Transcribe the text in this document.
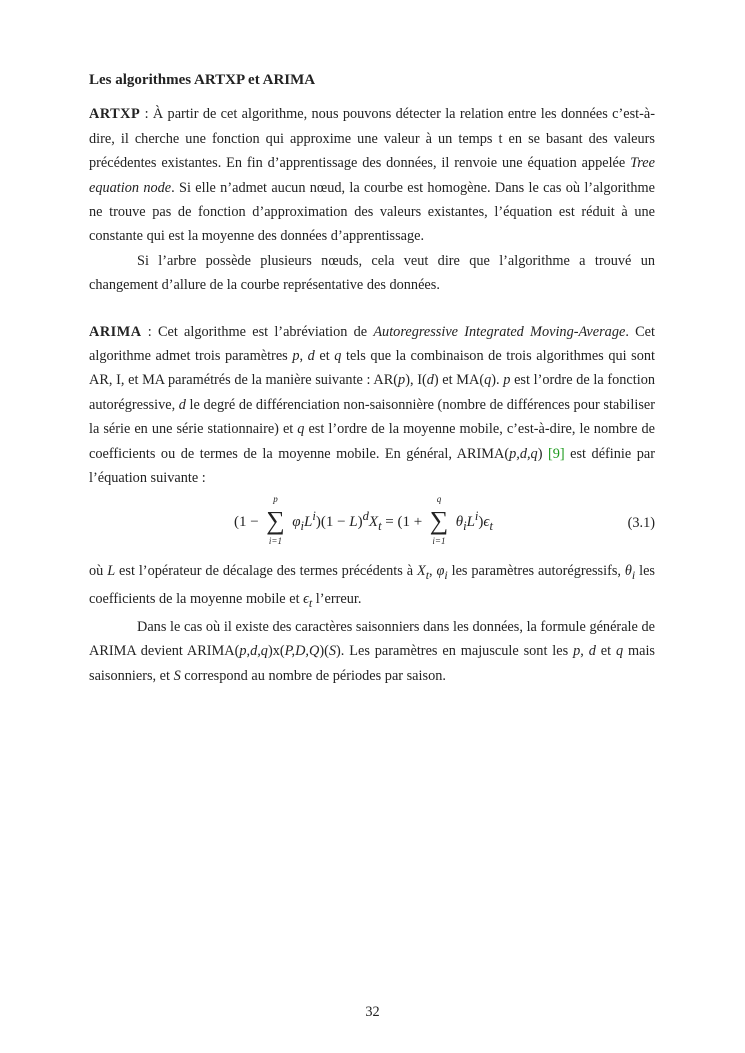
Les algorithmes ARTXP et ARIMA

ARTXP : À partir de cet algorithme, nous pouvons détecter la relation entre les données c’est-à-dire, il cherche une fonction qui approxime une valeur à un temps t en se basant des valeurs précédentes existantes. En fin d’apprentissage des données, il renvoie une équation appelée Tree equation node. Si elle n’admet aucun nœud, la courbe est homogène. Dans le cas où l’algorithme ne trouve pas de fonction d’approximation des valeurs existantes, l’équation est réduit à une constante qui est la moyenne des données d’apprentissage.

Si l’arbre possède plusieurs nœuds, cela veut dire que l’algorithme a trouvé un changement d’allure de la courbe représentative des données.

ARIMA : Cet algorithme est l’abréviation de Autoregressive Integrated Moving-Average. Cet algorithme admet trois paramètres p, d et q tels que la combinaison de trois algorithmes qui sont AR, I, et MA paramétrés de la manière suivante : AR(p), I(d) et MA(q). p est l’ordre de la fonction autorégressive, d le degré de différenciation non-saisonnière (nombre de différences pour stabiliser la série en une série stationnaire) et q est l’ordre de la moyenne mobile, c’est-à-dire, le nombre de coefficients ou de termes de la moyenne mobile. En général, ARIMA(p,d,q) [9] est définie par l’équation suivante :

(1 −
p
∑
i=1
$\varphi_iL^i)(1 - L)^dX_t = (1$ +
q
∑
i=1
$\theta_iL^i)\epsilon_t$	(3.1)

où L est l’opérateur de décalage des termes précédents à $X_t$, $\varphi_i$ les paramètres autorégressifs, $\theta_i$ les coefficients de la moyenne mobile et $\epsilon_t$ l’erreur.

Dans le cas où il existe des caractères saisonniers dans les données, la formule générale de ARIMA devient ARIMA(p,d,q)x(P,D,Q)(S). Les paramètres en majuscule sont les p, d et q mais saisonniers, et S correspond au nombre de périodes par saison.

32
